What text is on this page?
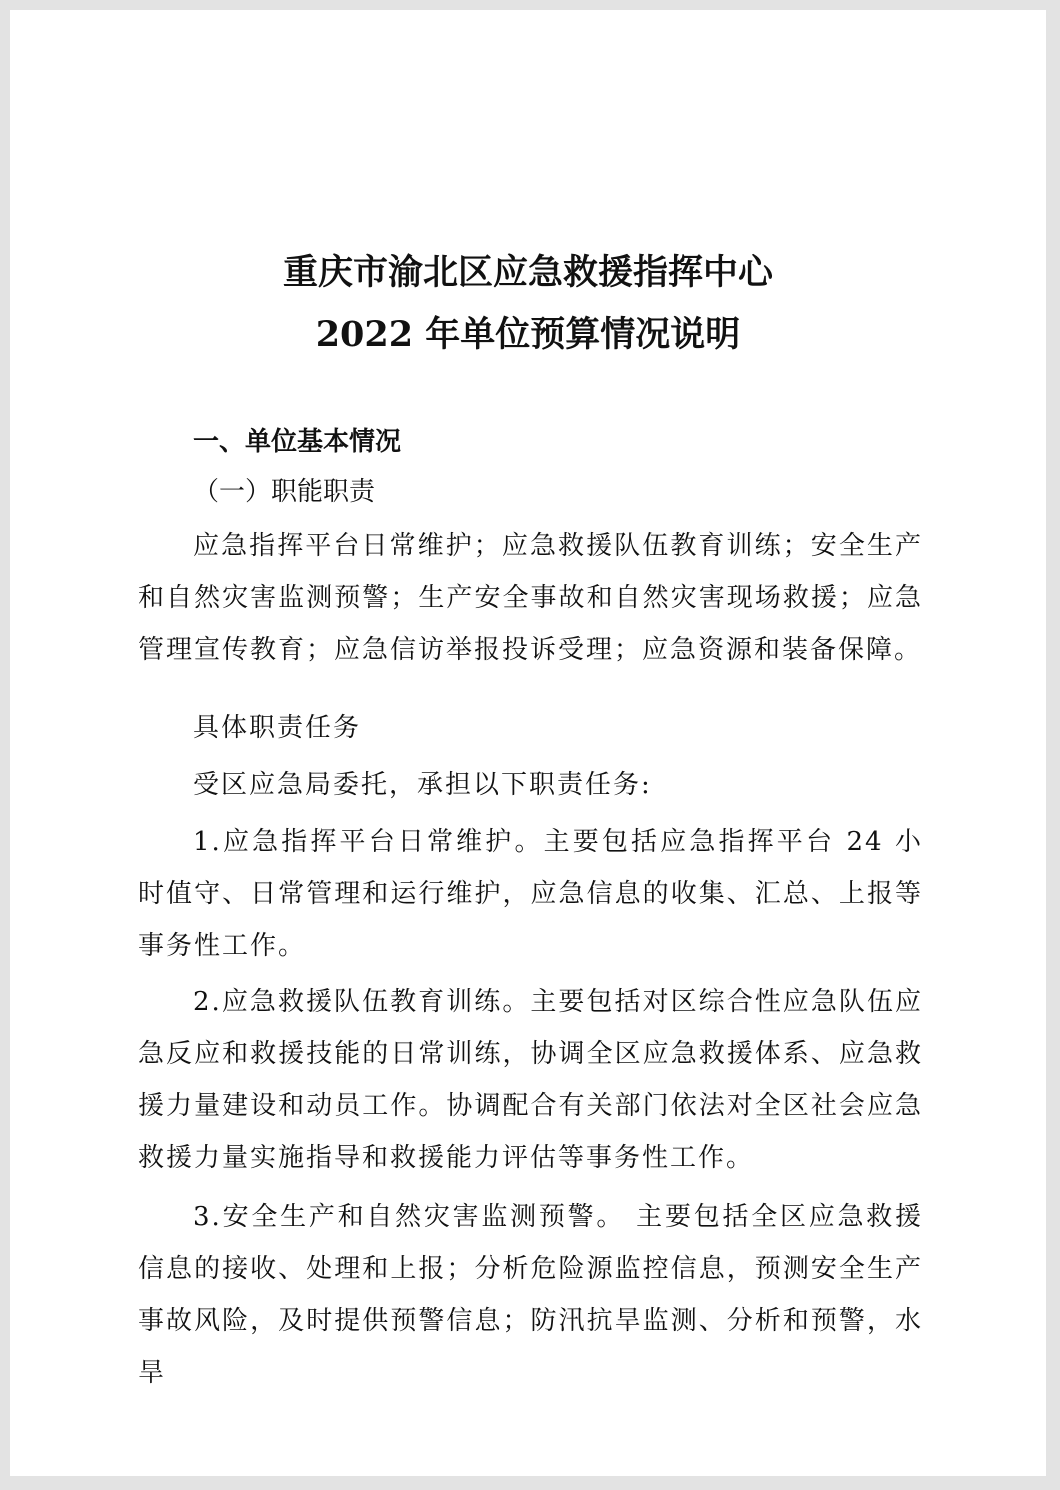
重庆市渝北区应急救援指挥中心
2022 年单位预算情况说明
一、单位基本情况
（一）职能职责
应急指挥平台日常维护；应急救援队伍教育训练；安全生产和自然灾害监测预警；生产安全事故和自然灾害现场救援；应急管理宣传教育；应急信访举报投诉受理；应急资源和装备保障。
具体职责任务
受区应急局委托，承担以下职责任务:
1.应急指挥平台日常维护。主要包括应急指挥平台 24 小时值守、日常管理和运行维护，应急信息的收集、汇总、上报等事务性工作。
2.应急救援队伍教育训练。主要包括对区综合性应急队伍应急反应和救援技能的日常训练，协调全区应急救援体系、应急救援力量建设和动员工作。协调配合有关部门依法对全区社会应急救援力量实施指导和救援能力评估等事务性工作。
3.安全生产和自然灾害监测预警。 主要包括全区应急救援信息的接收、处理和上报；分析危险源监控信息，预测安全生产事故风险，及时提供预警信息；防汛抗旱监测、分析和预警，水旱
